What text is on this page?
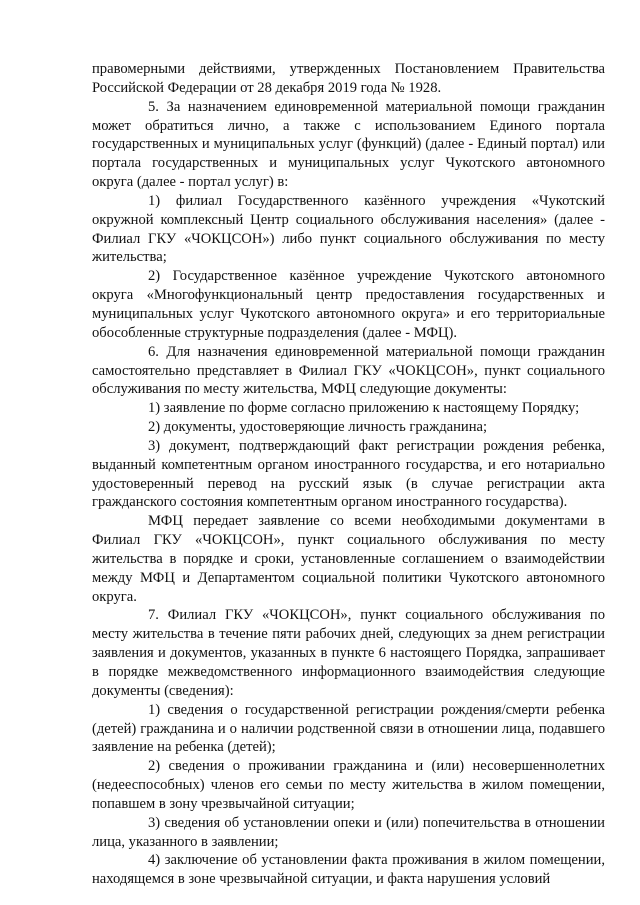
правомерными действиями, утвержденных Постановлением Правительства Российской Федерации от 28 декабря 2019 года № 1928.

5. За назначением единовременной материальной помощи гражданин может обратиться лично, а также с использованием Единого портала государственных и муниципальных услуг (функций) (далее - Единый портал) или портала государственных и муниципальных услуг Чукотского автономного округа (далее - портал услуг) в:

1) филиал Государственного казённого учреждения «Чукотский окружной комплексный Центр социального обслуживания населения» (далее - Филиал ГКУ «ЧОКЦСОН») либо пункт социального обслуживания по месту жительства;

2) Государственное казённое учреждение Чукотского автономного округа «Многофункциональный центр предоставления государственных и муниципальных услуг Чукотского автономного округа» и его территориальные обособленные структурные подразделения (далее - МФЦ).

6. Для назначения единовременной материальной помощи гражданин самостоятельно представляет в Филиал ГКУ «ЧОКЦСОН», пункт социального обслуживания по месту жительства, МФЦ следующие документы:

1) заявление по форме согласно приложению к настоящему Порядку;

2) документы, удостоверяющие личность гражданина;

3) документ, подтверждающий факт регистрации рождения ребенка, выданный компетентным органом иностранного государства, и его нотариально удостоверенный перевод на русский язык (в случае регистрации акта гражданского состояния компетентным органом иностранного государства).

МФЦ передает заявление со всеми необходимыми документами в Филиал ГКУ «ЧОКЦСОН», пункт социального обслуживания по месту жительства в порядке и сроки, установленные соглашением о взаимодействии между МФЦ и Департаментом социальной политики Чукотского автономного округа.

7. Филиал ГКУ «ЧОКЦСОН», пункт социального обслуживания по месту жительства в течение пяти рабочих дней, следующих за днем регистрации заявления и документов, указанных в пункте 6 настоящего Порядка, запрашивает в порядке межведомственного информационного взаимодействия следующие документы (сведения):

1) сведения о государственной регистрации рождения/смерти ребенка (детей) гражданина и о наличии родственной связи в отношении лица, подавшего заявление на ребенка (детей);

2) сведения о проживании гражданина и (или) несовершеннолетних (недееспособных) членов его семьи по месту жительства в жилом помещении, попавшем в зону чрезвычайной ситуации;

3) сведения об установлении опеки и (или) попечительства в отношении лица, указанного в заявлении;

4) заключение об установлении факта проживания в жилом помещении, находящемся в зоне чрезвычайной ситуации, и факта нарушения условий
